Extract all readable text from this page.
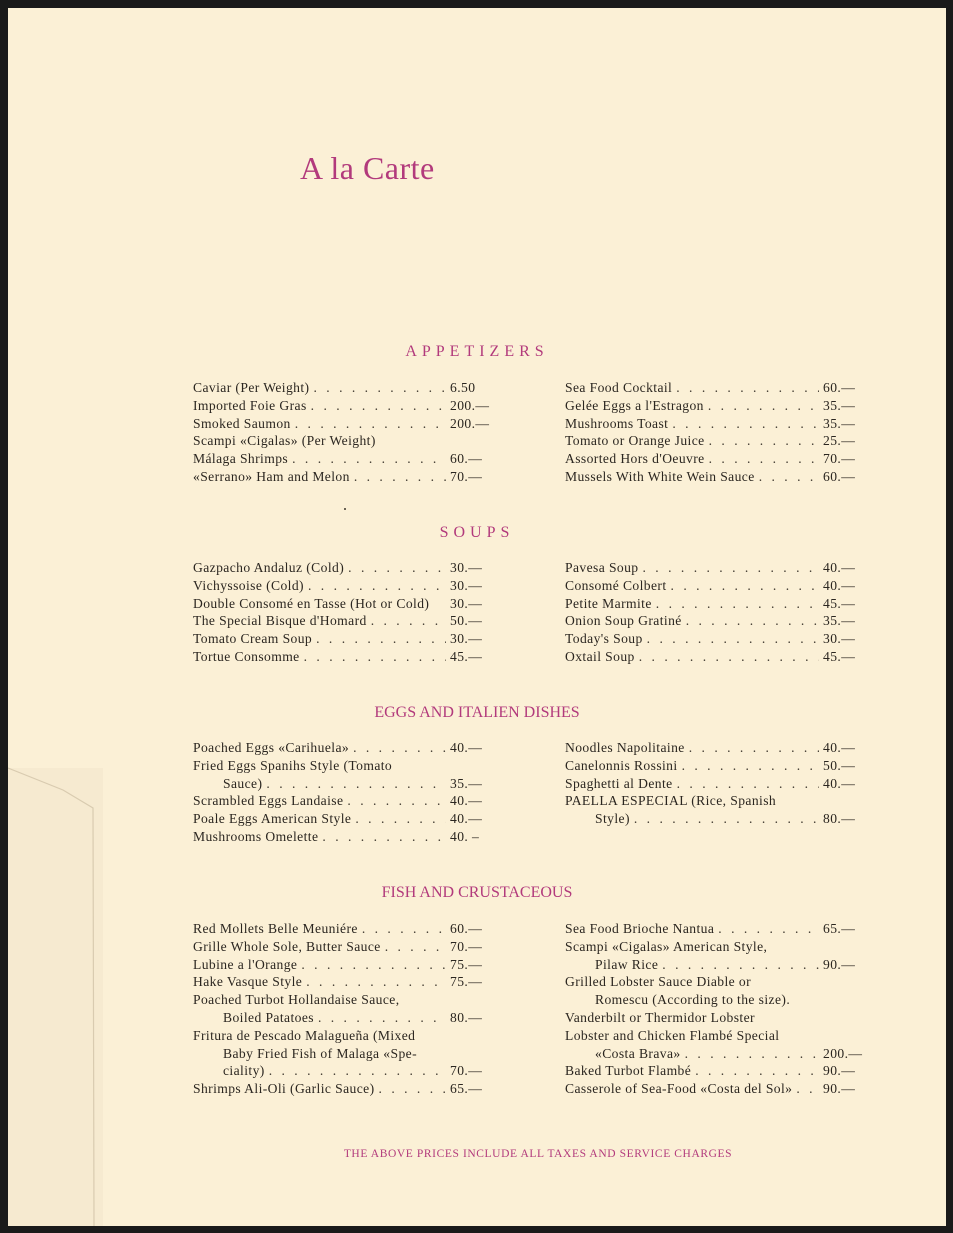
A la Carte
APPETIZERS
Caviar (Per Weight) . . .	6.50
Imported Foie Gras . . .	200.—
Smoked Saumon . . .	200.—
Scampi «Cigalas» (Per Weight)
Málaga Shrimps . . .	60.—
«Serrano» Ham and Melon . . .	70.—
Sea Food Cocktail . . .	60.—
Gelée Eggs a l'Estragon . . .	35.—
Mushrooms Toast . . .	35.—
Tomato or Orange Juice . . .	25.—
Assorted Hors d'Oeuvre . . .	70.—
Mussels With White Wein Sauce . . .	60.—
SOUPS
Gazpacho Andaluz (Cold) . . .	30.—
Vichyssoise (Cold) . . .	30.—
Double Consomé en Tasse (Hot or Cold) 30.—
The Special Bisque d'Homard . . .	50.—
Tomato Cream Soup . . .	30.—
Tortue Consomme . . .	45.—
Pavesa Soup . . .	40.—
Consomé Colbert . . .	40.—
Petite Marmite . . .	45.—
Onion Soup Gratiné . . .	35.—
Today's Soup . . .	30.—
Oxtail Soup . . .	45.—
EGGS AND ITALIEN DISHES
Poached Eggs «Carihuela» . . .	40.—
Fried Eggs Spanihs Style (Tomato
Sauce) . . .	35.—
Scrambled Eggs Landaise . . .	40.—
Poale Eggs American Style . . .	40.—
Mushrooms Omelette . . .	40. –
Noodles Napolitaine . . .	40.—
Canelonnis Rossini . . .	50.—
Spaghetti al Dente . . .	40.—
PAELLA ESPECIAL (Rice, Spanish
Style) . . .	80.—
FISH AND CRUSTACEOUS
Red Mollets Belle Meuniére . . .	60.—
Grille Whole Sole, Butter Sauce . . .	70.—
Lubine a l'Orange . . .	75.—
Hake Vasque Style . . .	75.—
Poached Turbot Hollandaise Sauce,
Boiled Patatoes . . .	80.—
Fritura de Pescado Malagueña (Mixed
Baby Fried Fish of Malaga «Spe-
ciality) . . .	70.—
Shrimps Ali-Oli (Garlic Sauce) . . .	65.—
Sea Food Brioche Nantua . . .	65.—
Scampi «Cigalas» American Style,
Pilaw Rice . . .	90.—
Grilled Lobster Sauce Diable or
Romescu (According to the size).
Vanderbilt or Thermidor Lobster
Lobster and Chicken Flambé Special
«Costa Brava» . . .	200.—
Baked Turbot Flambé . . .	90.—
Casserole of Sea-Food «Costa del Sol» . . . 90.—
THE ABOVE PRICES INCLUDE ALL TAXES AND SERVICE CHARGES
